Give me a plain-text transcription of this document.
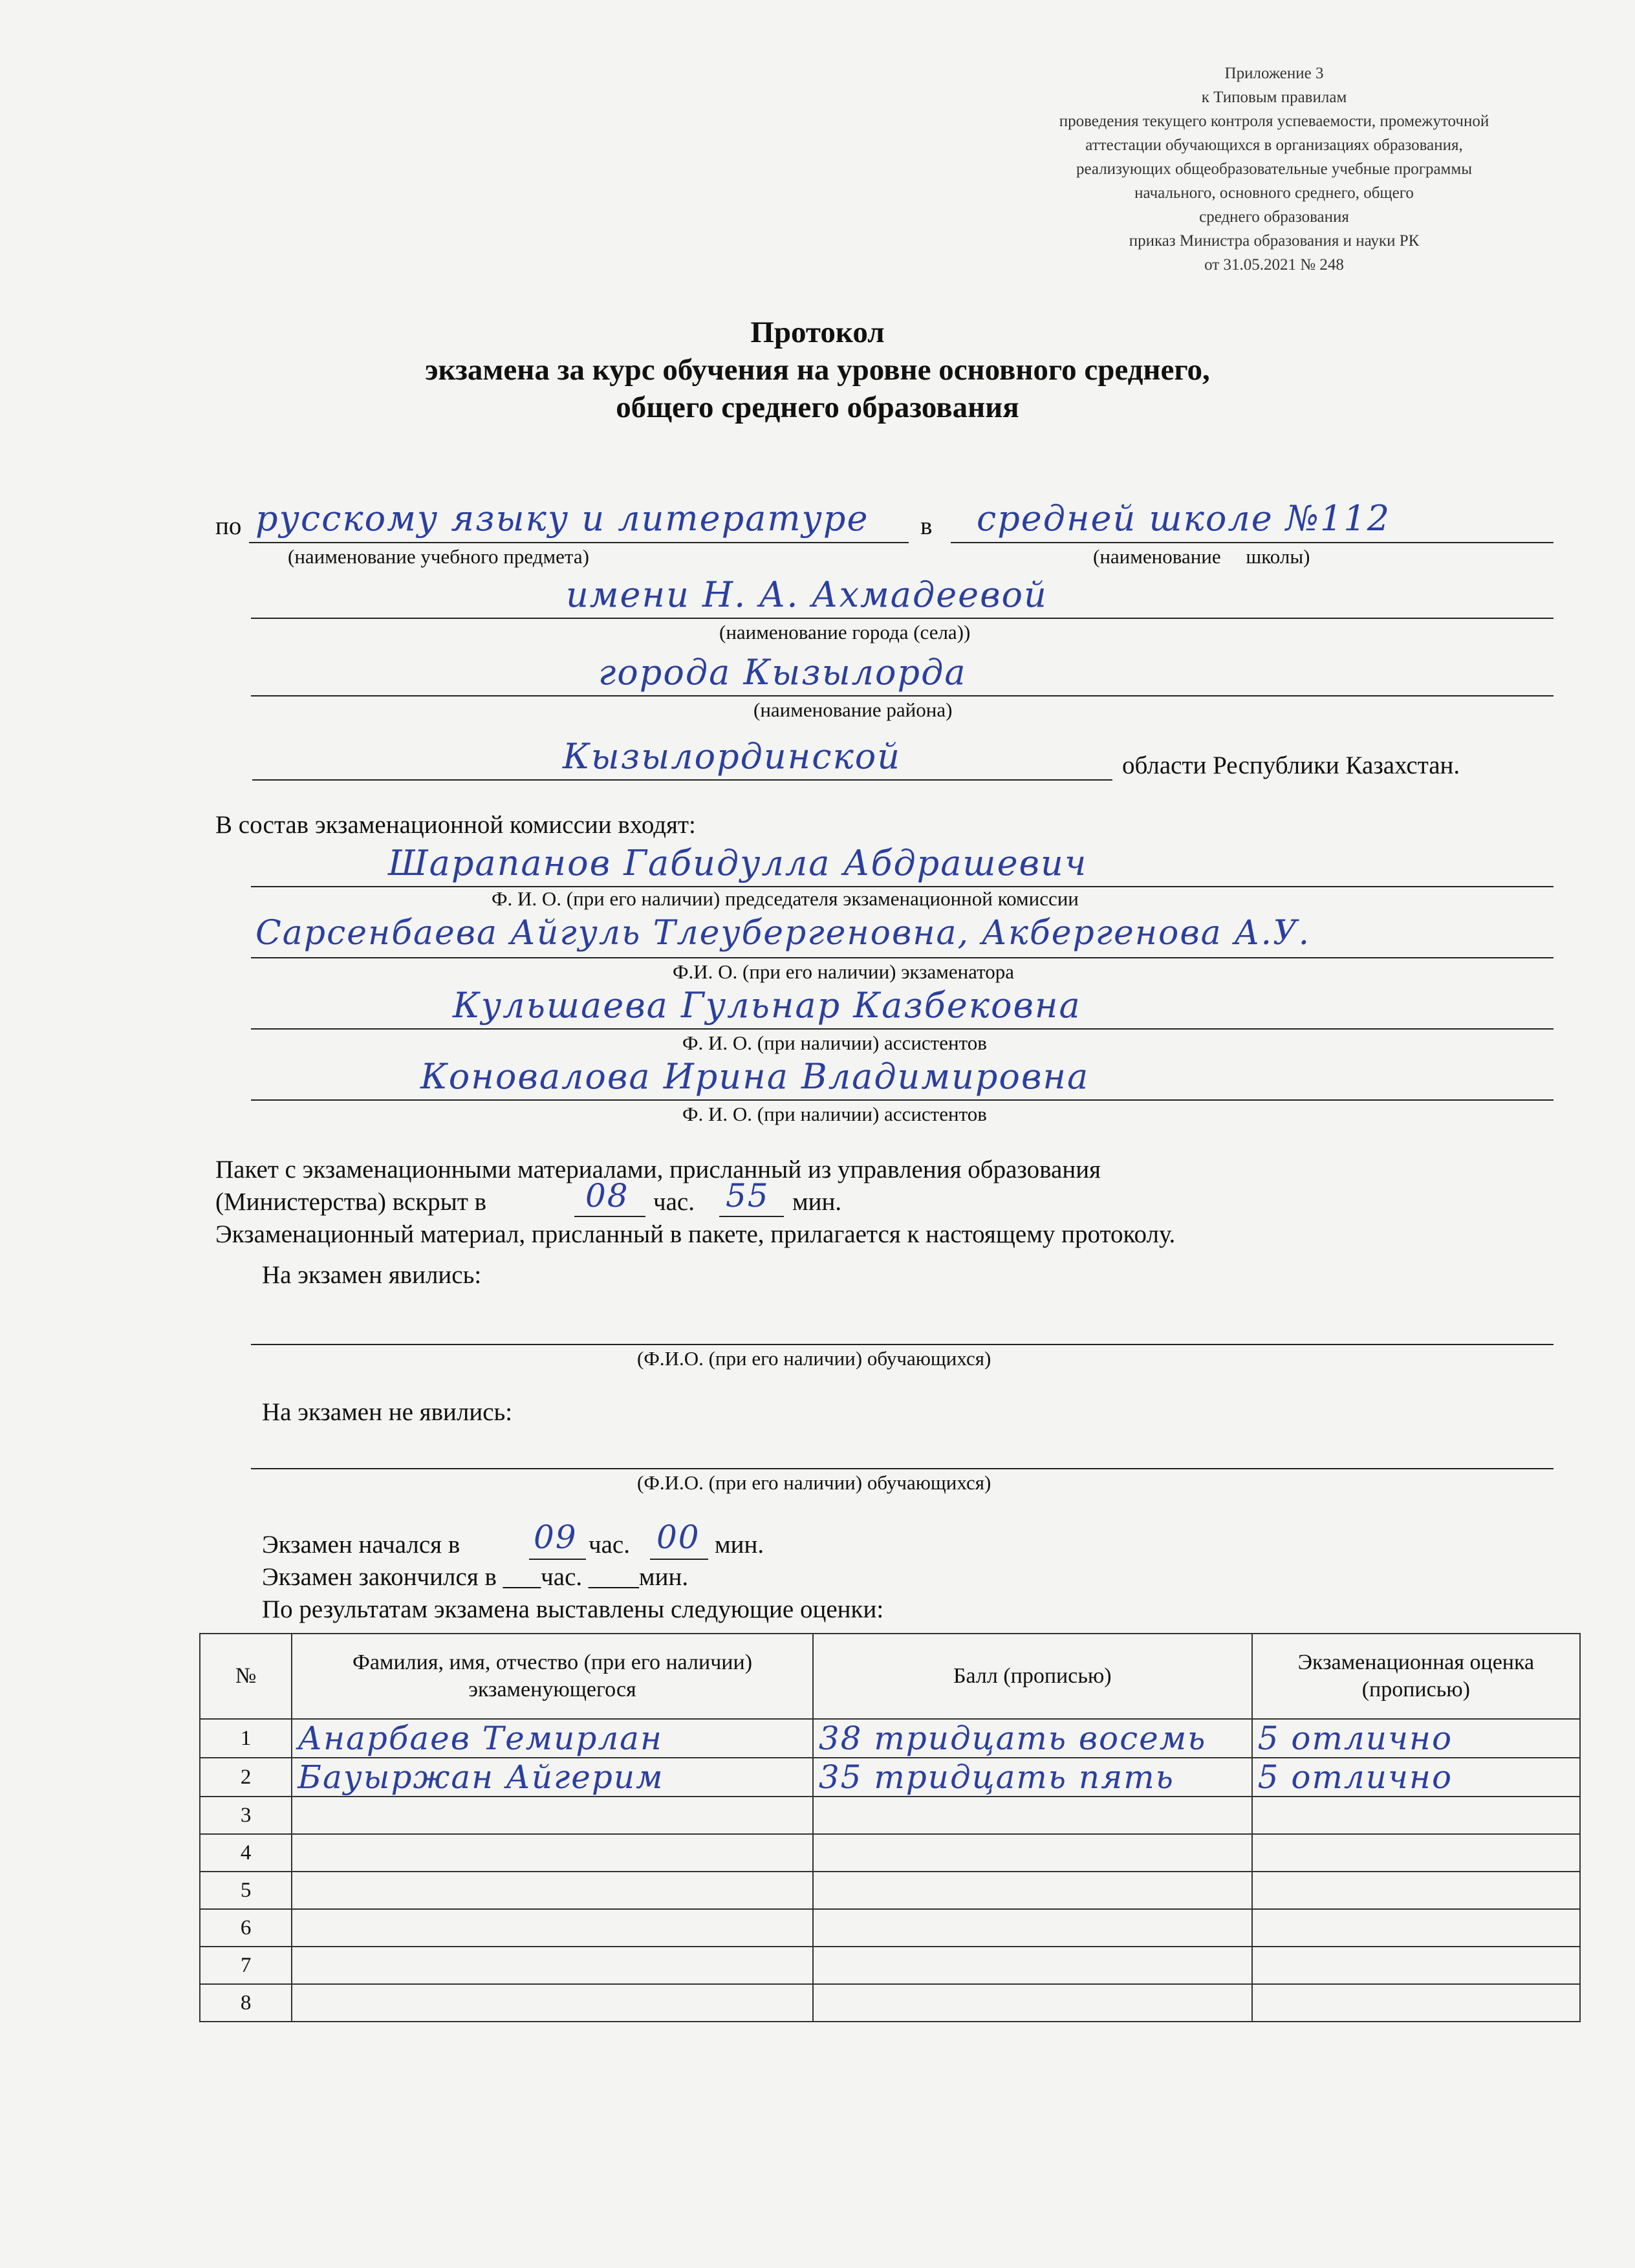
Приложение 3
к Типовым правилам
проведения текущего контроля успеваемости, промежуточной
аттестации обучающихся в организациях образования,
реализующих общеобразовательные учебные программы
начального, основного среднего, общего
среднего образования
приказ Министра образования и науки РК
от 31.05.2021 № 248
Протокол
экзамена за курс обучения на уровне основного среднего,
общего среднего образования
по русскому языку и литературе в средней школе №112
(наименование учебного предмета)	(наименование     школы)
имени Н. А. Ахмадеевой
(наименование города (села))
города Кызылорда
(наименование района)
Кызылординской	области Республики Казахстан.
В состав экзаменационной комиссии входят:
Шарапанов Габидулла Абдрашевич
Ф. И. О. (при его наличии) председателя экзаменационной комиссии
Сарсенбаева Айгуль Тлеубергеновна, Акбергенова А.У.
Ф.И. О. (при его наличии) экзаменатора
Кульшаева Гульнар Казбековна
Ф. И. О. (при наличии) ассистентов
Коновалова Ирина Владимировна
Ф. И. О. (при наличии) ассистентов
Пакет с экзаменационными материалами, присланный из управления образования
(Министерства) вскрыт в	08 час. 55 мин.
Экзаменационный материал, присланный в пакете, прилагается к настоящему протоколу.
На экзамен явились:
(Ф.И.О. (при его наличии) обучающихся)
На экзамен не явились:
(Ф.И.О. (при его наличии) обучающихся)
Экзамен начался в 09 час. 00 мин.
Экзамен закончился в ___час. ____мин.
По результатам экзамена выставлены следующие оценки:
№	Фамилия, имя, отчество (при его наличии) экзаменующегося	Балл (прописью)	Экзаменационная оценка (прописью)
1	Анарбаев Темирлан	38 тридцать восемь	5 отлично
2	Бауыржан Айгерим	35 тридцать пять	5 отлично
3			
4			
5			
6			
7			
8			
